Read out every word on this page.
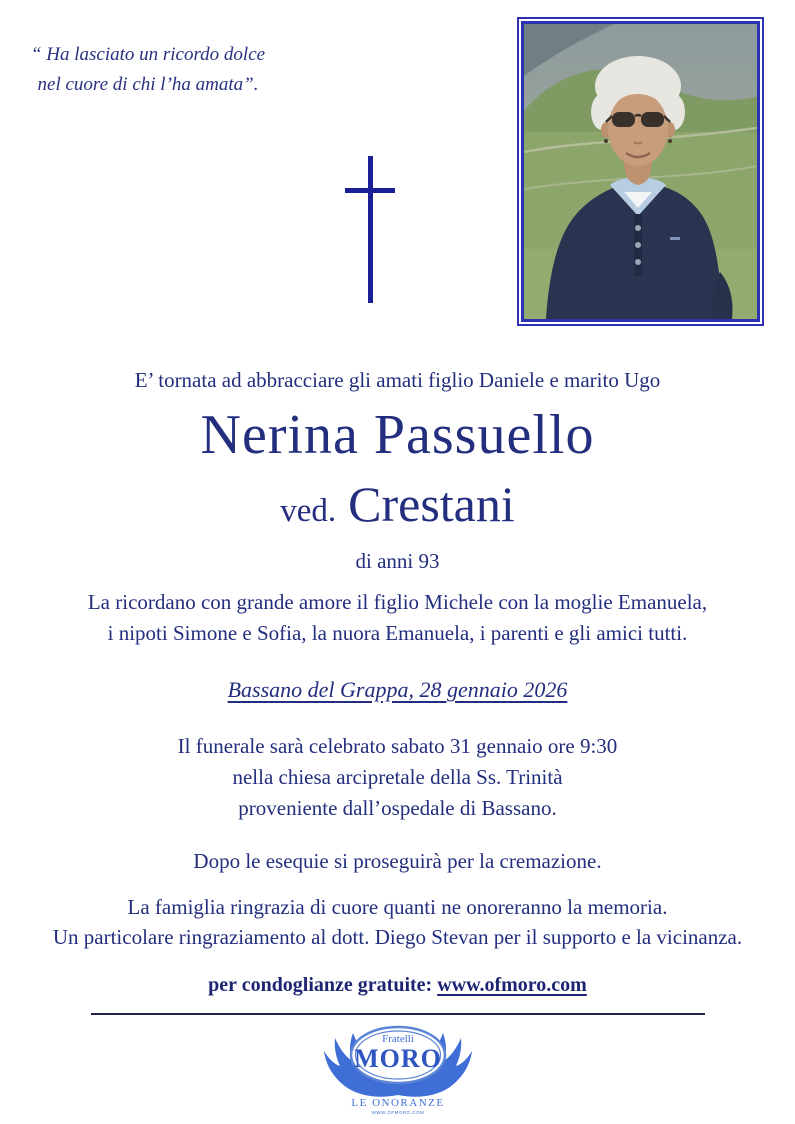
“ Ha lasciato un ricordo dolce
nel cuore di chi l’ha amata”.
E’ tornata ad abbracciare gli amati figlio Daniele e marito Ugo
Nerina Passuello
ved. Crestani
di anni 93
La ricordano con grande amore il figlio Michele con la moglie Emanuela,
i nipoti Simone e Sofia, la nuora Emanuela, i parenti e gli amici tutti.
Bassano del Grappa, 28 gennaio 2026
Il funerale sarà celebrato sabato 31 gennaio ore 9:30
nella chiesa arcipretale della Ss. Trinità
proveniente dall’ospedale di Bassano.
Dopo le esequie si proseguirà per la cremazione.
La famiglia ringrazia di cuore quanti ne onoreranno la memoria.
Un particolare ringraziamento al dott. Diego Stevan per il supporto e la vicinanza.
per condoglianze gratuite: www.ofmoro.com
Fratelli
MORO
LE ONORANZE
WWW.OFMORO.COM
